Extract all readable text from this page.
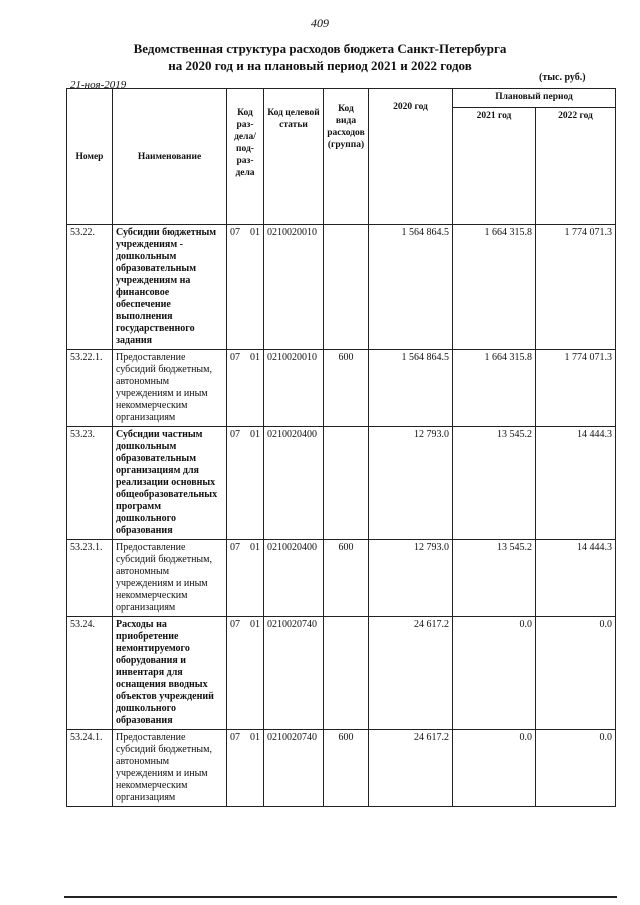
409
Ведомственная структура расходов бюджета Санкт-Петербурга
на 2020 год и на плановый период 2021 и 2022 годов
21-ноя-2019
(тыс. руб.)
Номер	Наименование	Код раз-дела/ под-раз-дела	Код целевой статьи	Код вида расходов (группа)	2020 год	Плановый период	
						2021 год	2022 год
53.22.	Субсидии бюджетным учреждениям - дошкольным образовательным учреждениям на финансовое обеспечение выполнения государственного задания	07 01	0210020010		1 564 864.5	1 664 315.8	1 774 071.3
53.22.1.	Предоставление субсидий бюджетным, автономным учреждениям и иным некоммерческим организациям	07 01	0210020010	600	1 564 864.5	1 664 315.8	1 774 071.3
53.23.	Субсидии частным дошкольным образовательным организациям для реализации основных общеобразовательных программ дошкольного образования	07 01	0210020400		12 793.0	13 545.2	14 444.3
53.23.1.	Предоставление субсидий бюджетным, автономным учреждениям и иным некоммерческим организациям	07 01	0210020400	600	12 793.0	13 545.2	14 444.3
53.24.	Расходы на приобретение немонтируемого оборудования и инвентаря для оснащения вводных объектов учреждений дошкольного образования	07 01	0210020740		24 617.2	0.0	0.0
53.24.1.	Предоставление субсидий бюджетным, автономным учреждениям и иным некоммерческим организациям	07 01	0210020740	600	24 617.2	0.0	0.0
